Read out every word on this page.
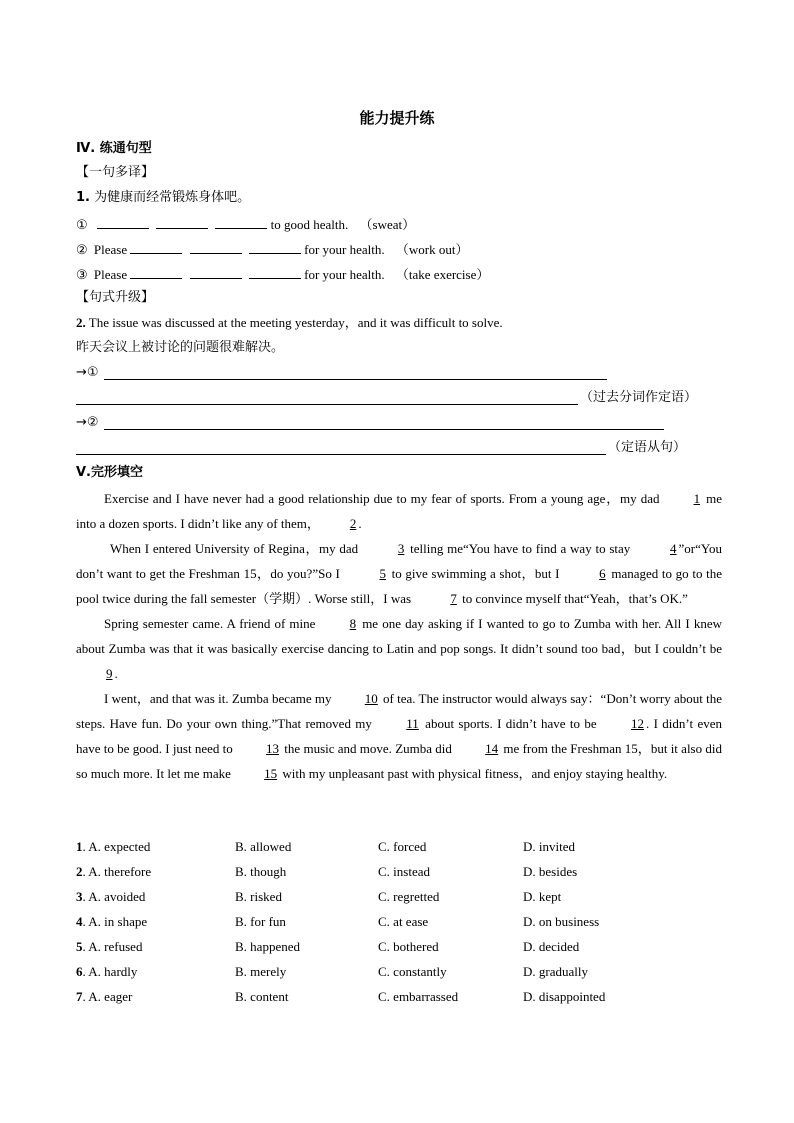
能力提升练
Ⅳ. 练通句型
【一句多译】
1. 为健康而经常锻炼身体吧。
①	to good health. （sweat）
② Please	for your health. （work out）
③ Please	for your health. （take exercise）
【句式升级】
2. The issue was discussed at the meeting yesterday，and it was difficult to solve.
昨天会议上被讨论的问题很难解决。
→①
（过去分词作定语）
→②
（定语从句）
Ⅴ.完形填空

Exercise and I have never had a good relationship due to my fear of sports. From a young age，my dad 1 me into a dozen sports. I didn’t like any of them， 2 .

When I entered University of Regina，my dad	3 telling me“You have to find a way to stay	4 ”or“You don’t want to get the Freshman 15，do you?”So I	5 to give swimming a shot，but I	6 managed to go to the pool twice during the fall semester（学期）. Worse still，I was	7 to convince myself that“Yeah，that’s OK.”

Spring semester came. A friend of mine 8 me one day asking if I wanted to go to Zumba with her. All I knew about Zumba was that it was basically exercise dancing to Latin and pop songs. It didn’t sound too bad，but I couldn’t be 9 .

I went，and that was it. Zumba became my 10 of tea. The instructor would always say：“Don’t worry about the steps. Have fun. Do your own thing.”That removed my 11 about sports. I didn’t have to be 12 . I didn’t even have to be good. I just need to 13 the music and move. Zumba did 14 me from the Freshman 15，but it also did so much more. It let me make 15 with my unpleasant past with physical fitness，and enjoy staying healthy.

1. A. expected	B. allowed	C. forced	D. invited
2. A. therefore	B. though	C. instead	D. besides
3. A. avoided	B. risked	C. regretted	D. kept
4. A. in shape	B. for fun	C. at ease	D. on business
5. A. refused	B. happened	C. bothered	D. decided
6. A. hardly	B. merely	C. constantly	D. gradually
7. A. eager	B. content	C. embarrassed	D. disappointed
